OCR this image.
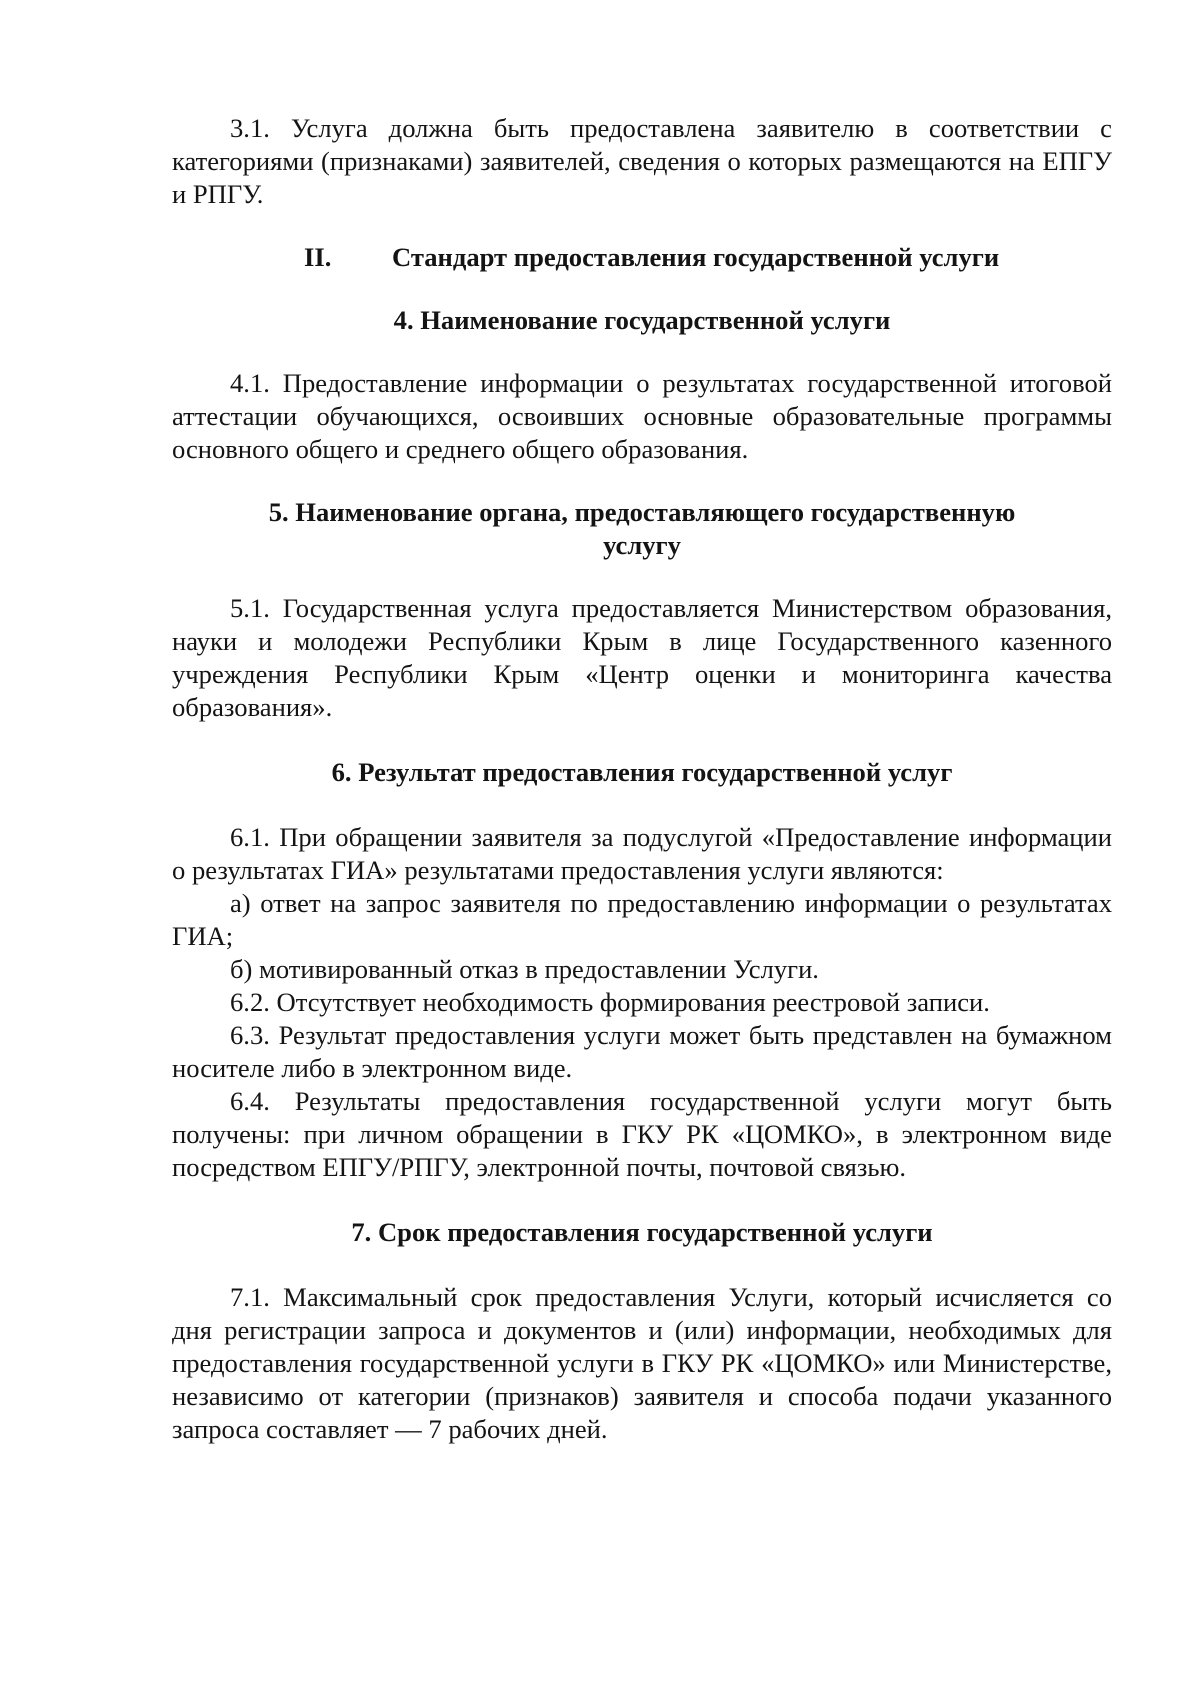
3.1. Услуга должна быть предоставлена заявителю в соответствии с категориями (признаками) заявителей, сведения о которых размещаются на ЕПГУ и РПГУ.

II. Стандарт предоставления государственной услуги

4. Наименование государственной услуги

4.1. Предоставление информации о результатах государственной итоговой аттестации обучающихся, освоивших основные образовательные программы основного общего и среднего общего образования.

5. Наименование органа, предоставляющего государственную

услугу

5.1. Государственная услуга предоставляется Министерством образования, науки и молодежи Республики Крым в лице Государственного казенного учреждения Республики Крым «Центр оценки и мониторинга качества образования».

6. Результат предоставления государственной услуг

6.1. При обращении заявителя за подуслугой «Предоставление информации о результатах ГИА» результатами предоставления услуги являются:

а) ответ на запрос заявителя по предоставлению информации о результатах ГИА;

б) мотивированный отказ в предоставлении Услуги.

6.2. Отсутствует необходимость формирования реестровой записи.

6.3. Результат предоставления услуги может быть представлен на бумажном носителе либо в электронном виде.

6.4. Результаты предоставления государственной услуги могут быть получены: при личном обращении в ГКУ РК «ЦОМКО», в электронном виде посредством ЕПГУ/РПГУ, электронной почты, почтовой связью.

7. Срок предоставления государственной услуги

7.1. Максимальный срок предоставления Услуги, который исчисляется со дня регистрации запроса и документов и (или) информации, необходимых для предоставления государственной услуги в ГКУ РК «ЦОМКО» или Министерстве, независимо от категории (признаков) заявителя и способа подачи указанного запроса составляет — 7 рабочих дней.
